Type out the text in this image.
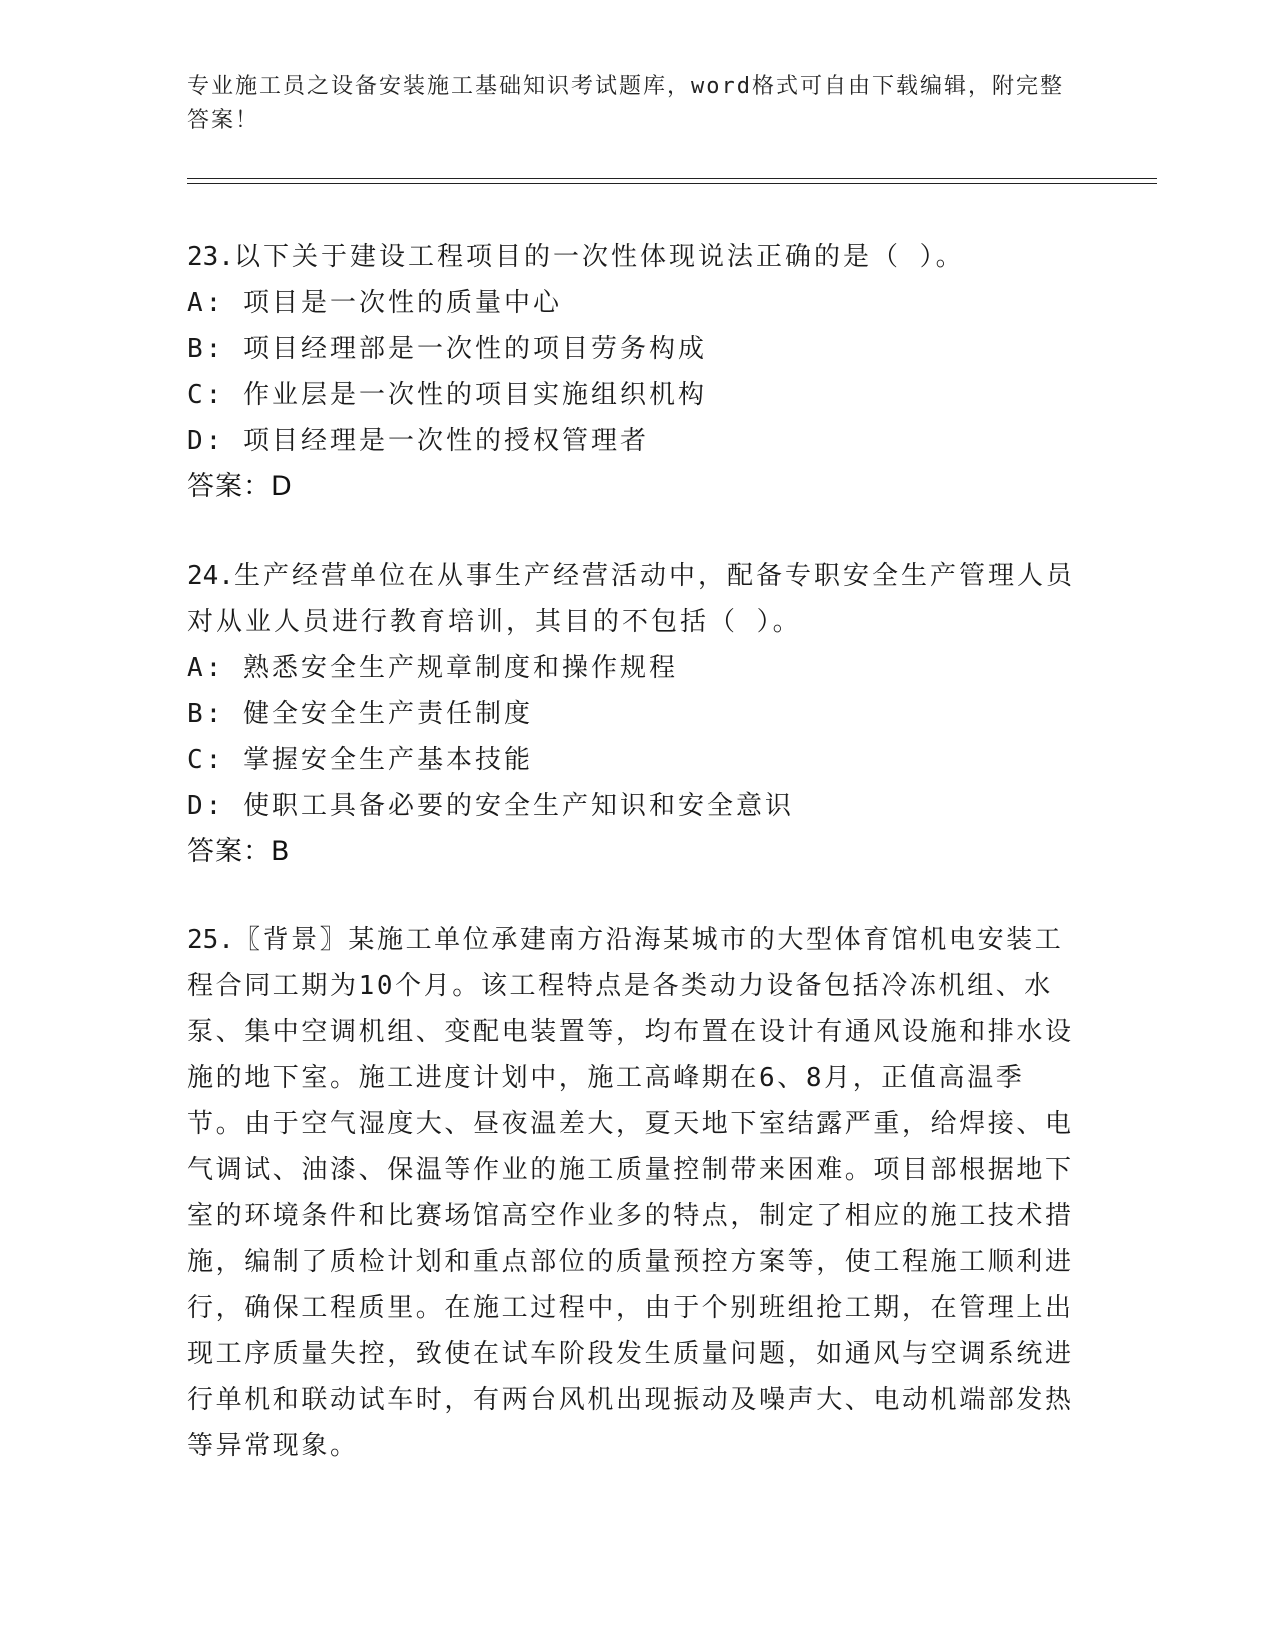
专业施工员之设备安装施工基础知识考试题库，word格式可自由下载编辑，附完整答案！

23.以下关于建设工程项目的一次性体现说法正确的是（ ）。

A: 项目是一次性的质量中心

B: 项目经理部是一次性的项目劳务构成

C: 作业层是一次性的项目实施组织机构

D: 项目经理是一次性的授权管理者

答案：D

24.生产经营单位在从事生产经营活动中，配备专职安全生产管理人员对从业人员进行教育培训，其目的不包括（ ）。

A: 熟悉安全生产规章制度和操作规程

B: 健全安全生产责任制度

C: 掌握安全生产基本技能

D: 使职工具备必要的安全生产知识和安全意识

答案：B

25.〖背景〗某施工单位承建南方沿海某城市的大型体育馆机电安装工程合同工期为10个月。该工程特点是各类动力设备包括冷冻机组、水泵、集中空调机组、变配电装置等，均布置在设计有通风设施和排水设施的地下室。施工进度计划中，施工高峰期在6、8月，正值高温季节。由于空气湿度大、昼夜温差大，夏天地下室结露严重，给焊接、电气调试、油漆、保温等作业的施工质量控制带来困难。项目部根据地下室的环境条件和比赛场馆高空作业多的特点，制定了相应的施工技术措施，编制了质检计划和重点部位的质量预控方案等，使工程施工顺利进行，确保工程质里。在施工过程中，由于个别班组抢工期，在管理上出现工序质量失控，致使在试车阶段发生质量问题，如通风与空调系统进行单机和联动试车时，有两台风机出现振动及噪声大、电动机端部发热等异常现象。
